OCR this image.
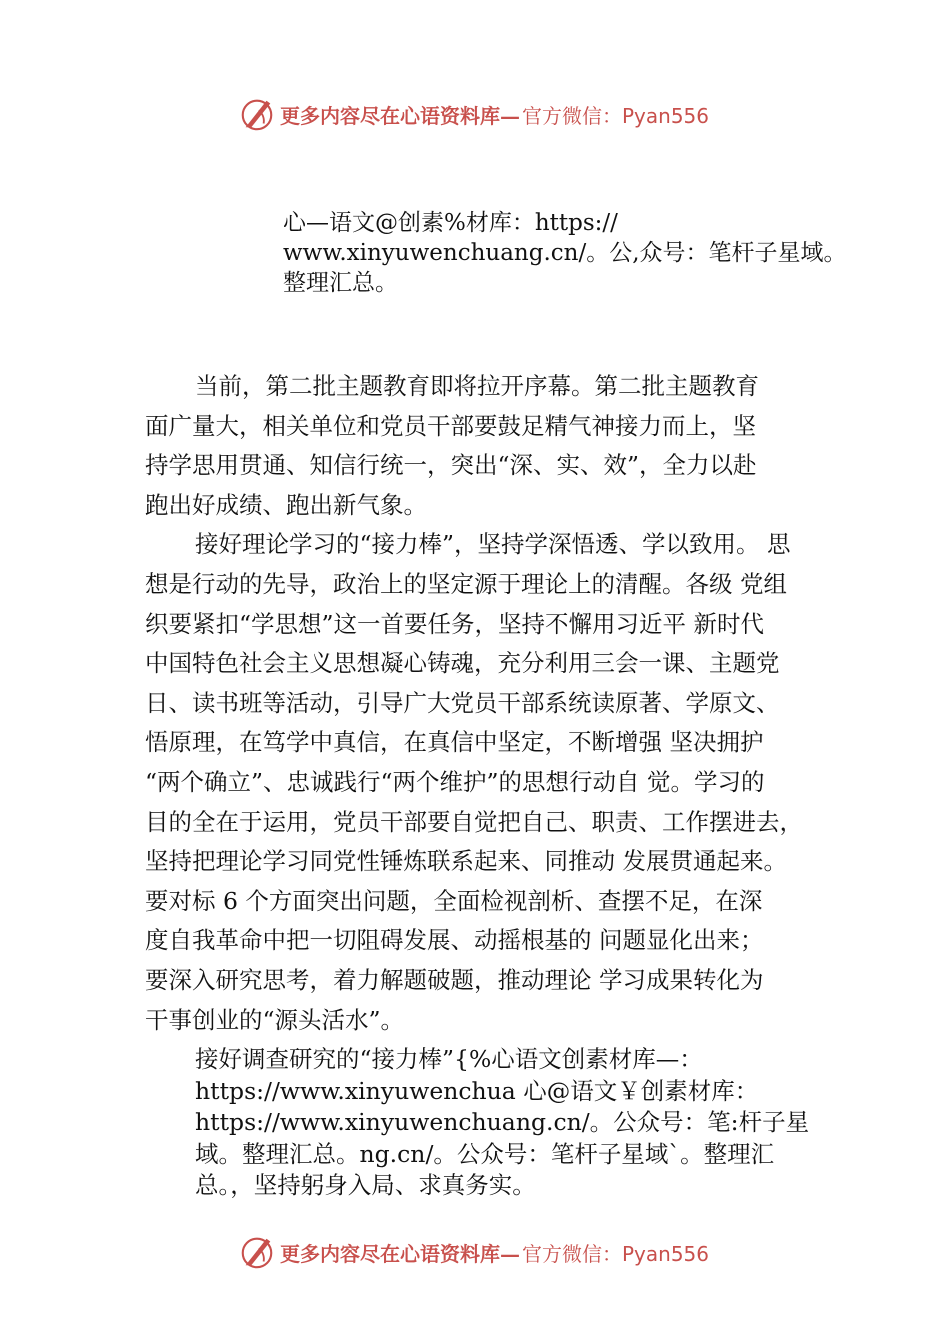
更多内容尽在心语资料库— 官方微信：Pyan556
心—语文@创素%材库：https://
www.xinyuwenchuang.cn/。公,众号：笔杆子星域。
整理汇总。
当前，第二批主题教育即将拉开序幕。第二批主题教育
面广量大，相关单位和党员干部要鼓足精气神接力而上，坚
持学思用贯通、知信行统一，突出“深、实、效”，全力以赴
跑出好成绩、跑出新气象。
接好理论学习的“接力棒”，坚持学深悟透、学以致用。 思
想是行动的先导，政治上的坚定源于理论上的清醒。各级 党组
织要紧扣“学思想”这一首要任务，坚持不懈用习近平 新时代
中国特色社会主义思想凝心铸魂，充分利用三会一课、主题党
日、读书班等活动，引导广大党员干部系统读原著、学原文、
悟原理，在笃学中真信，在真信中坚定，不断增强 坚决拥护
“两个确立”、忠诚践行“两个维护”的思想行动自 觉。学习的
目的全在于运用，党员干部要自觉把自己、职责、工作摆进去，
坚持把理论学习同党性锤炼联系起来、同推动 发展贯通起来。
要对标 6 个方面突出问题，全面检视剖析、查摆不足，在深
度自我革命中把一切阻碍发展、动摇根基的 问题显化出来；
要深入研究思考，着力解题破题，推动理论 学习成果转化为
干事创业的“源头活水”。
接好调查研究的“接力棒”{%心语文创素材库—：
https://www.xinyuwenchua 心@语文￥创素材库：
https://www.xinyuwenchuang.cn/。公众号：笔:杆子星
域。整理汇总。ng.cn/。公众号：笔杆子星域`。整理汇
总。，坚持躬身入局、求真务实。
更多内容尽在心语资料库— 官方微信：Pyan556
